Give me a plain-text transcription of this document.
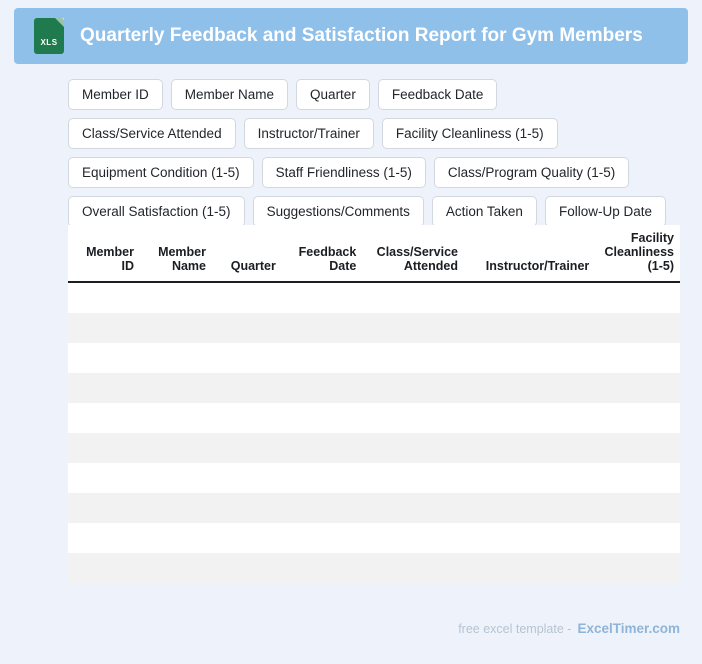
XLS	Quarterly Feedback and Satisfaction Report for Gym Members
Member ID	Member Name	Quarter	Feedback Date
Class/Service Attended	Instructor/Trainer	Facility Cleanliness (1-5)
Equipment Condition (1-5)	Staff Friendliness (1-5)	Class/Program Quality (1-5)
Overall Satisfaction (1-5)	Suggestions/Comments	Action Taken	Follow-Up Date
Member ID	Member Name	Quarter	Feedback Date	Class/Service Attended	Instructor/Trainer	Facility Cleanliness (1-5)

free excel template - ExcelTimer.com
